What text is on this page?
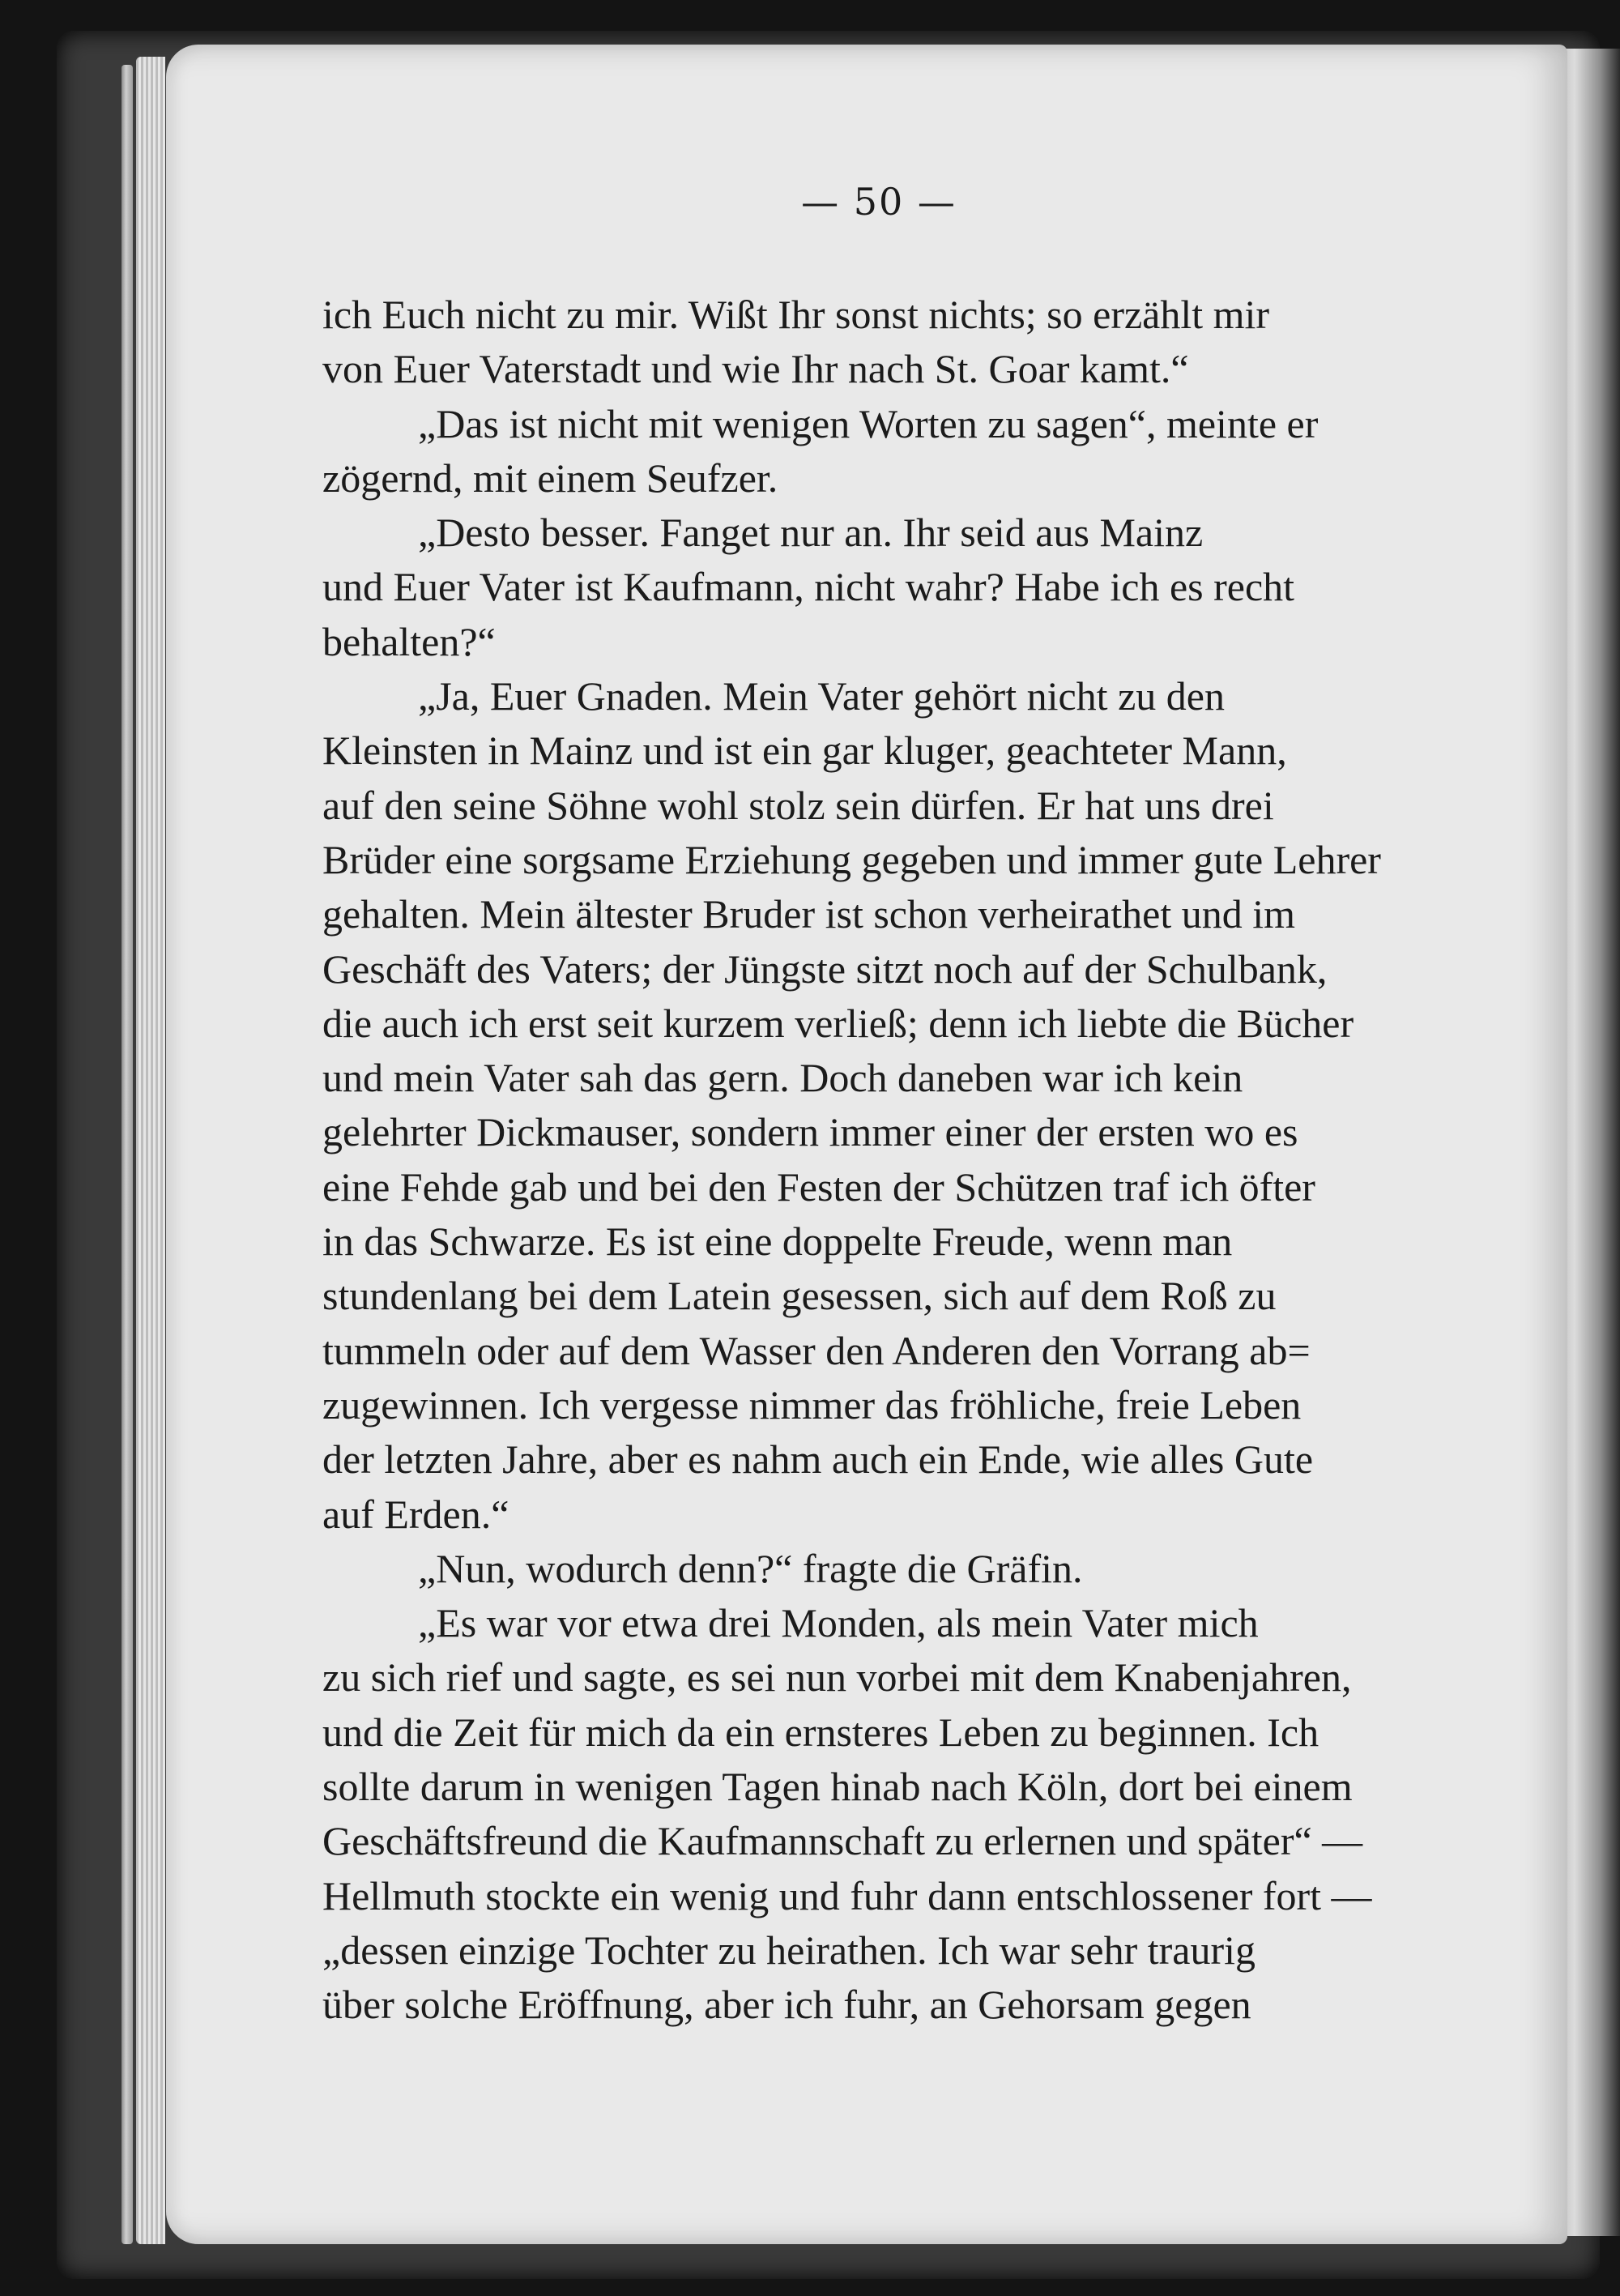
— 50 —

ich Euch nicht zu mir. Wißt Ihr sonst nichts; so erzählt mir
von Euer Vaterstadt und wie Ihr nach St. Goar kamt.“

„Das ist nicht mit wenigen Worten zu sagen“, meinte er
zögernd, mit einem Seufzer.

„Desto besser. Fanget nur an. Ihr seid aus Mainz
und Euer Vater ist Kaufmann, nicht wahr? Habe ich es recht
behalten?“

„Ja, Euer Gnaden. Mein Vater gehört nicht zu den
Kleinsten in Mainz und ist ein gar kluger, geachteter Mann,
auf den seine Söhne wohl stolz sein dürfen. Er hat uns drei
Brüder eine sorgsame Erziehung gegeben und immer gute Lehrer
gehalten. Mein ältester Bruder ist schon verheirathet und im
Geschäft des Vaters; der Jüngste sitzt noch auf der Schulbank,
die auch ich erst seit kurzem verließ; denn ich liebte die Bücher
und mein Vater sah das gern. Doch daneben war ich kein
gelehrter Dickmauser, sondern immer einer der ersten wo es
eine Fehde gab und bei den Festen der Schützen traf ich öfter
in das Schwarze. Es ist eine doppelte Freude, wenn man
stundenlang bei dem Latein gesessen, sich auf dem Roß zu
tummeln oder auf dem Wasser den Anderen den Vorrang ab=
zugewinnen. Ich vergesse nimmer das fröhliche, freie Leben
der letzten Jahre, aber es nahm auch ein Ende, wie alles Gute
auf Erden.“

„Nun, wodurch denn?“ fragte die Gräfin.

„Es war vor etwa drei Monden, als mein Vater mich
zu sich rief und sagte, es sei nun vorbei mit dem Knabenjahren,
und die Zeit für mich da ein ernsteres Leben zu beginnen. Ich
sollte darum in wenigen Tagen hinab nach Köln, dort bei einem
Geschäftsfreund die Kaufmannschaft zu erlernen und später“ —
Hellmuth stockte ein wenig und fuhr dann entschlossener fort —
„dessen einzige Tochter zu heirathen. Ich war sehr traurig
über solche Eröffnung, aber ich fuhr, an Gehorsam gegen
